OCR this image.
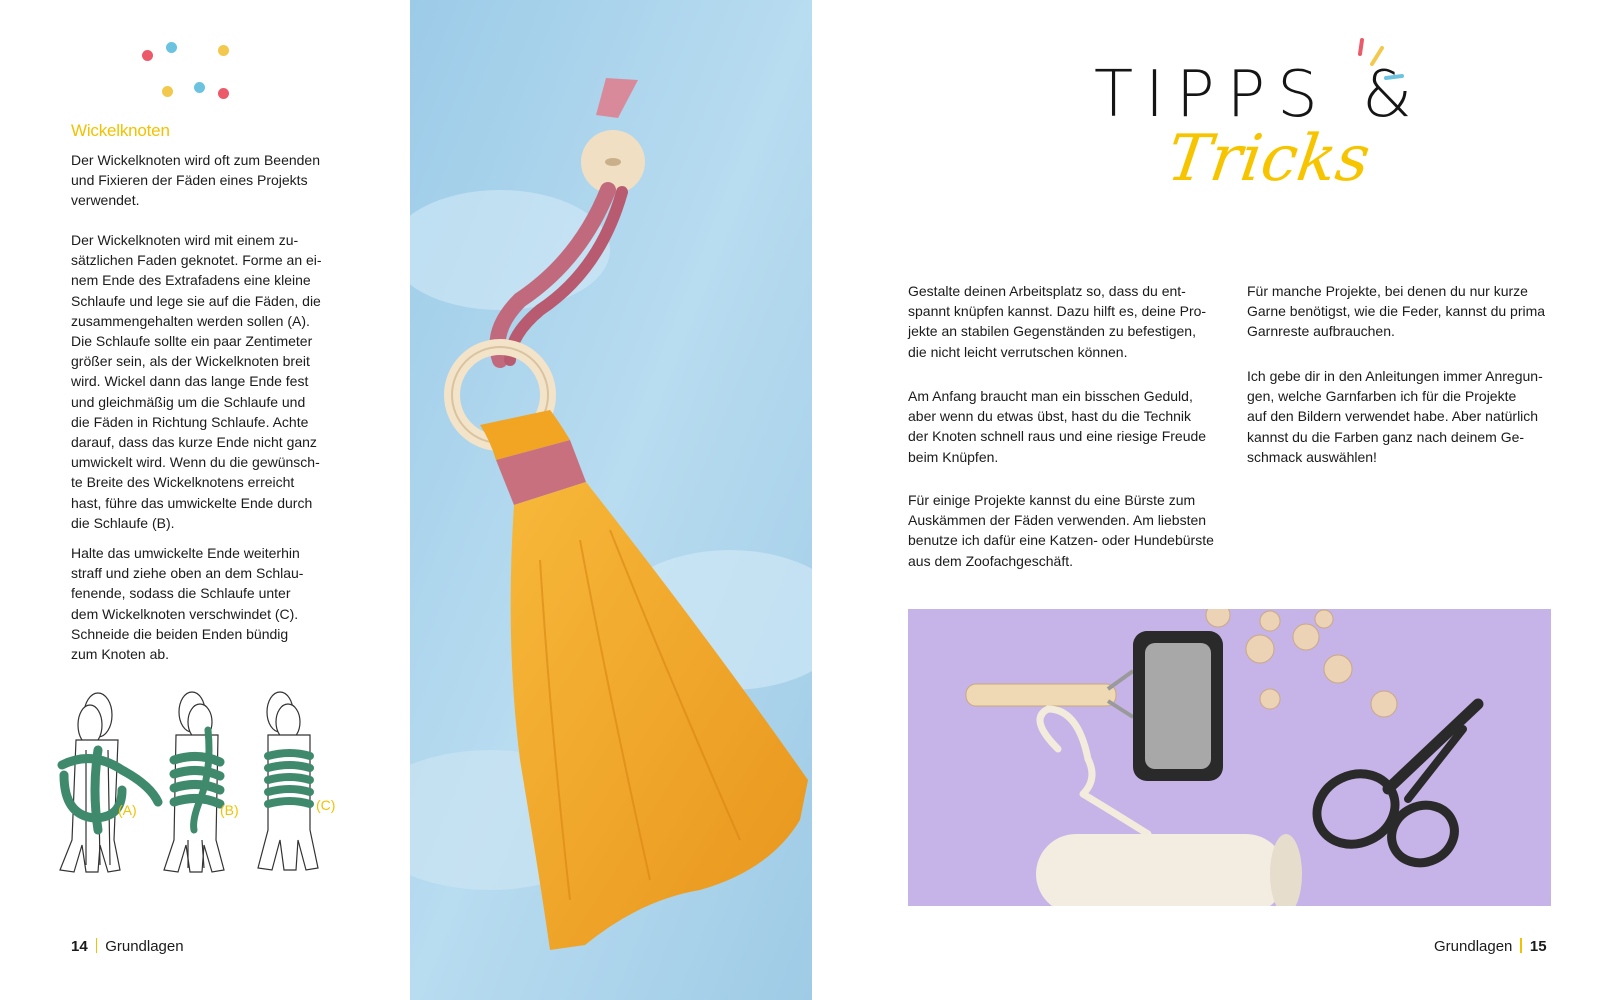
Wickelknoten

Der Wickelknoten wird oft zum Beenden

und Fixieren der Fäden eines Projekts

verwendet.

Der Wickelknoten wird mit einem zu-

sätzlichen Faden geknotet. Forme an ei-

nem Ende des Extrafadens eine kleine

Schlaufe und lege sie auf die Fäden, die

zusammengehalten werden sollen (A).

Die Schlaufe sollte ein paar Zentimeter

größer sein, als der Wickelknoten breit

wird. Wickel dann das lange Ende fest

und gleichmäßig um die Schlaufe und

die Fäden in Richtung Schlaufe. Achte

darauf, dass das kurze Ende nicht ganz

umwickelt wird. Wenn du die gewünsch-

te Breite des Wickelknotens erreicht

hast, führe das umwickelte Ende durch

die Schlaufe (B).

Halte das umwickelte Ende weiterhin

straff und ziehe oben an dem Schlau-

fenende, sodass die Schlaufe unter

dem Wickelknoten verschwindet (C).

Schneide die beiden Enden bündig

zum Knoten ab.

(A)	(B)	(C)
14 Grundlagen
TIPPS &
Tricks

Gestalte deinen Arbeitsplatz so, dass du ent-

spannt knüpfen kannst. Dazu hilft es, deine Pro-

jekte an stabilen Gegenständen zu befestigen,

die nicht leicht verrutschen können.

Am Anfang braucht man ein bisschen Geduld,

aber wenn du etwas übst, hast du die Technik

der Knoten schnell raus und eine riesige Freude

beim Knüpfen.

Für einige Projekte kannst du eine Bürste zum

Auskämmen der Fäden verwenden. Am liebsten

benutze ich dafür eine Katzen- oder Hundebürste

aus dem Zoofachgeschäft.

Für manche Projekte, bei denen du nur kurze

Garne benötigst, wie die Feder, kannst du prima

Garnreste aufbrauchen.

Ich gebe dir in den Anleitungen immer Anregun-

gen, welche Garnfarben ich für die Projekte

auf den Bildern verwendet habe. Aber natürlich

kannst du die Farben ganz nach deinem Ge-

schmack auswählen!

Grundlagen 15
